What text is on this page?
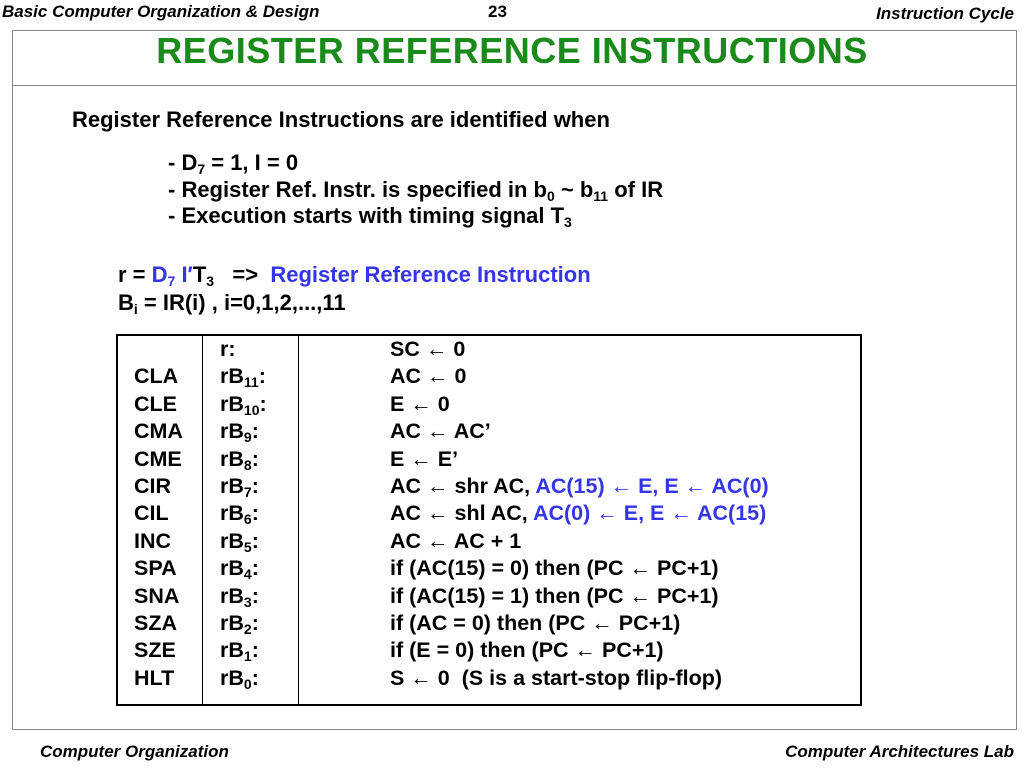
Basic Computer Organization & Design	23	Instruction Cycle
REGISTER REFERENCE INSTRUCTIONS
Register Reference Instructions are identified when
- $D_7 = 1$, I = 0
- Register Ref. Instr. is specified in $b_0$ ~ $b_{11}$ of IR
- Execution starts with timing signal $T_3$
$r = D_7$ $I'T_3$   =>  Register Reference Instruction
$B_i = IR(i)$ , i=0,1,2,...,11
r:	SC ← 0
CLA $rB_{11}$:	AC ← 0
CLE $rB_{10}$:	E ← 0
CMA $rB_9$:	AC ← AC’
CME $rB_8$:	E ← E’
CIR $rB_7$:	AC ← shr AC, AC(15) ← E, E ← AC(0)
CIL $rB_6$:	AC ← shl AC, AC(0) ← E, E ← AC(15)
INC $rB_5$:	AC ← AC + 1
SPA $rB_4$:	if (AC(15) = 0) then (PC ← PC+1)
SNA $rB_3$:	if (AC(15) = 1) then (PC ← PC+1)
SZA $rB_2$:	if (AC = 0) then (PC ← PC+1)
SZE $rB_1$:	if (E = 0) then (PC ← PC+1)
HLT $rB_0$:	S ← 0  (S is a start-stop flip-flop)
Computer Organization	Computer Architectures Lab
